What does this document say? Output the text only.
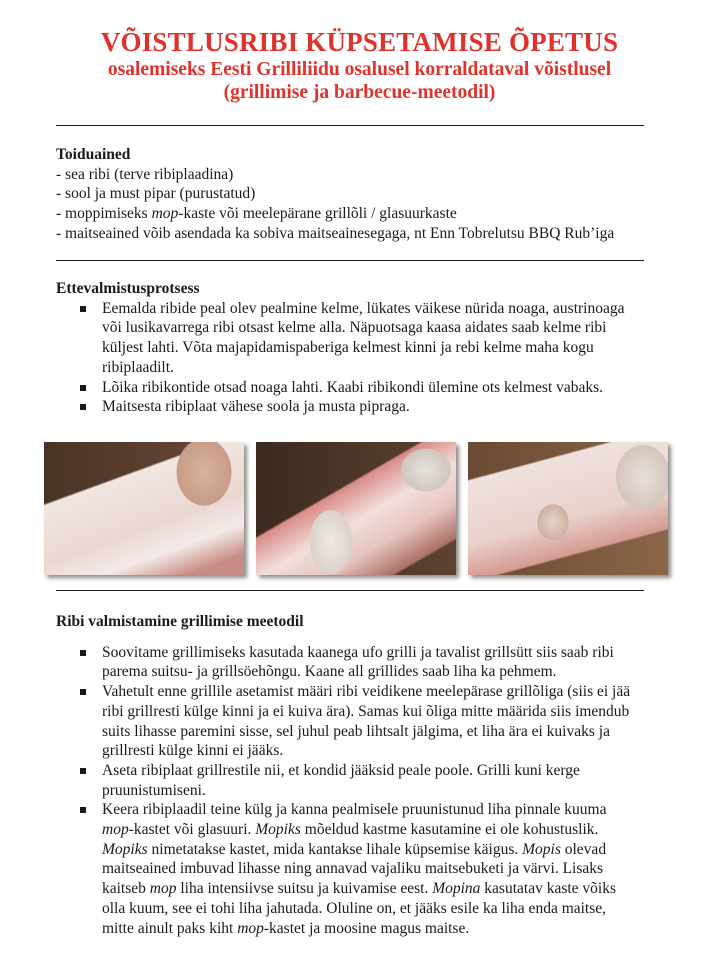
VÕISTLUSRIBI KÜPSETAMISE ÕPETUS
osalemiseks Eesti Grilliliidu osalusel korraldataval võistlusel
(grillimise ja barbecue-meetodil)

Toiduained

- sea ribi (terve ribiplaadina)

- sool ja must pipar (purustatud)

- moppimiseks mop-kaste või meelepärane grillõli / glasuurkaste

- maitseained võib asendada ka sobiva maitseainesegaga, nt Enn Tobrelutsu BBQ Rub’iga

Ettevalmistusprotsess

Eemalda ribide peal olev pealmine kelme, lükates väikese nürida noaga, austrinoaga

või lusikavarrega ribi otsast kelme alla. Näpuotsaga kaasa aidates saab kelme ribi

küljest lahti. Võta majapidamispaberiga kelmest kinni ja rebi kelme maha kogu

ribiplaadilt.

Lõika ribikontide otsad noaga lahti. Kaabi ribikondi ülemine ots kelmest vabaks.

Maitsesta ribiplaat vähese soola ja musta pipraga.

Ribi valmistamine grillimise meetodil

Soovitame grillimiseks kasutada kaanega ufo grilli ja tavalist grillsütt siis saab ribi

parema suitsu- ja grillsöehõngu. Kaane all grillides saab liha ka pehmem.

Vahetult enne grillile asetamist määri ribi veidikene meelepärase grillõliga (siis ei jää

ribi grillresti külge kinni ja ei kuiva ära). Samas kui õliga mitte määrida siis imendub

suits lihasse paremini sisse, sel juhul peab lihtsalt jälgima, et liha ära ei kuivaks ja

grillresti külge kinni ei jääks.

Aseta ribiplaat grillrestile nii, et kondid jääksid peale poole. Grilli kuni kerge

pruunistumiseni.

Keera ribiplaadil teine külg ja kanna pealmisele pruunistunud liha pinnale kuuma

mop-kastet või glasuuri. Mopiks mõeldud kastme kasutamine ei ole kohustuslik.

Mopiks nimetatakse kastet, mida kantakse lihale küpsemise käigus. Mopis olevad

maitseained imbuvad lihasse ning annavad vajaliku maitsebuketi ja värvi. Lisaks

kaitseb mop liha intensiivse suitsu ja kuivamise eest. Mopina kasutatav kaste võiks

olla kuum, see ei tohi liha jahutada. Oluline on, et jääks esile ka liha enda maitse,

mitte ainult paks kiht mop-kastet ja moosine magus maitse.
